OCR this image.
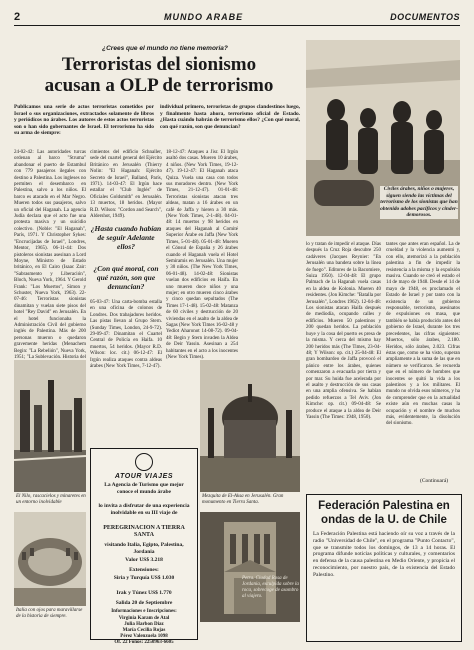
2	MUNDO ARABE	DOCUMENTOS
¿Crees que el mundo no tiene memoria?
Terroristas del sionismo
acusan a OLP de terrorismo
Publicamos una serie de actos terroristas cometidos por Israel o sus organizaciones, extractados solamente de libros y periódicos no árabes. Los autores de estos actos terroristas son o han sido gobernantes de Israel. El terrorismo ha sido su arma de siempre:
individual primero, terroristas de grupos clandestinos luego, y finalmente hasta ahora, terrorismo oficial de Estado. ¿Hasta cuándo habrán de terrorismo ellos? ¿Con qué moral, con qué razón, son que denuncian?
Civiles árabes, niños o mujeres, siguen siendo las víctimas del terrorismo de los sionistas que han obtenido adobes pacíficos y cinder- demorosos.
24-02-42: Las autoridades turcas ordenan al barco "Struma" abandonar el puerto de Estambul con 779 pasajeros ilegales con destino a Palestina. Los ingleses no permiten el desembarco en Palestina, salvo a los niños. El barco es atacado en el Mar Negro. Mueren todos sus pasajeros, salvo un oficial del Haganah. La agencia Judía declara que el acto fue una protesta masiva y un suicidio colectivo. (Noble: "El Haganah", París, 1971. Y Christopher Sykes: "Encrucijadas de Israel", Londres, Mentor, 1965). 06-11-44: Dos pistoleros sionistas asesinan a Lord Moyne, Ministro de Estado británico, en El Cairo (Isaac Zair: "Sabrasmento y Liberación", Bloch, Nueva York, 1964. Y Gerold Frank: "Los Muertos", Simon y Schuster, Nueva York, 1963). 22-07-46: Terroristas sionistas dinamitan y vuelan siete pisos del hotel "Rey David" en Jerusalén. En el hotel funcionaba la Administración Civil del gobierno inglés de Palestina. Más de 200 personas mueron o quedaron gravemente heridas (Menachem Begin: "La Rebelión", Nueva York, 1951; "La Sublevación. Historia del
cimientos del edificio Schnaller, sede del cuartel general del Ejército Británico en Jerusalén (Thierry Nolin: "El Haganah: Ejército Secreto de Israel", Balland, París, 1971). 14-03-47: El Irgún hace estallar el "Club Inglés" de Oficiales Goldsmith" en Jerusalén. 13 muertos, 18 heridos. (Mayor R.D. Wilson: "Cordon and Search", Aldershot, 1949).
¿Hasta cuando habían de seguir Adelante ellos?
¿Con qué moral, con qué razón, son que denuncian?
05-03-47: Una carta-bomba estalla en una oficina de colonos de Londres. Dos trabajadores heridos. Las pistas llevan al Grupo Stern. (Sunday Times, London, 24-9-72). 29-09-47: Dinamitan el Cuartel Central de Policía en Haifa. 10 muertos, 54 heridos. (Mayor R.D. Wilson: loc. cit.) 06-12-47: El Irgún realiza ataques contra aldeas árabes (New York Times, 7-12-47).
18-12-47: Ataques a Jisr. El Irgún asaltó dos casas. Mueren 10 árabes, 4 niños. (New York Times, 19-12-47). 19-12-47: El Haganah ataca Quiza. Vuela una casa con todos sus moradores dentro. (New York Times, 21-12-47). 01-01-48: Terroristas sionistas atacan tres aldeas, matan a 16 árabes en un café de Jaffa y hieren a 30 más. (New York Times, 2-1-48). 04-01-48: 14 muertos y 98 heridos en ataques del Haganah al Comité Superior Árabe en Jaffa (New York Times, 5-01-48). 05-01-48: Mueren el Cónsul de España y 26 árabes cuando el Haganah vuela el Hotel Semiramis en Jerusalén. Una mujer y 30 niños. (The New York Times, 06-01-48). 14-02-48: Sionistas vuelan dos edificios en Haifa. En uno mueren doce niños y una mujer; en otro mueren cinco árabes y cinco quedan sepultados (The Times 17-1-48). 15-02-48: Matanza de 60 civiles y destrucción de 20 viviendas en el asalto de la aldea de Sagas (New York Times 16-02-48 y Yediot Aharonot 14-08-72). 09-04-48: Begin y Stern invaden la Aldea de Deir Yassin. Asesinan a 254 habitantes en el acto a los inocentes (New York Times).
lo y tratan de impedir el ataque. Días después la Cruz Roja descubre 250 cadáveres (Jacques Reynier: "En Jerusalén una bandera sobre la línea de fuego". Editores de la Bacomiere, Suiza 1950). 12-04-48: El grupo Palmach de la Haganah vuela casas en la aldea de Kolonia. Mueren 40 residentes. (Jon Kimche: "Batalla por Jerusalén", Londres 1962). 12-04-48: Los sionistas atacan Haifa después de mediodía, ocupando calles y edificios. Mueren 50 palestinos y 200 quedan heridos. La población huye y la cosa del puerto es presa de la misma. Y cerca del mismo hay 200 heridos más (The Times, 23-04-48; Y Wilson: op. cit.) 25-04-48: El gran bombardeo de Jaffa provocó el pánico entre los árabes, quienes comenzaron a evacuarla por tierra y por mar. Su huida fue acelerada por el asalto y destrucción de sus casas en una amplia ofensiva. Se habían pedido refuerzos a Tel Aviv. (Jon Kimche: op. cit.) 09-04-48: Se produce el ataque a la aldea de Deir Yassin (The Times: 1948, 1950).
tantes que antes eran español. La de crueldad y la violencia aumentó y, con ello, atemorizó a la población palestina a fin de impedir la resistencia a la misma y la expulsión masiva. Cuando se creó el estado el 14 de mayo de 1948. Desde el 14 de mayo de 1948, es proclamado el Estado de Israel y por tanto con la existencia de un gobierno responsable, terrorismo, asesinatos de expulsiones en masa, que también se había producido antes del gobierno de Israel, durante los tres precedentes, las cifras siguientes: Muertos, sólo árabes, 2.180. Heridos, sólo árabes, 2.023. Cifras éstas que, como se ha visto, superan ampliamente a la suma de las que en número se verificaron. Se recuerda que en el número de hombres que inocentes se quitó la vida a los palestinos y a los militares. El mundo no olvida esos números, y ha de comprender que en la actualidad existe aún en muchas casas la ocupación y el nombre de muchos más, evidentemente, la disolución del sionismo.
(Continuará)
El Nilo, rascacielos y minaretes en un entorno inolvidable
Italia con ojos para maravillarse de la historia de siempre.
ATOUR VIAJES
La Agencia de Turismo que mejor conoce el mundo árabe
lo invita a disfrutar de una experiencia inolvidable en su III viaje de
PEREGRINACION A TIERRA SANTA
visitando Italia, Egipto, Palestina, Jordania
Valor US$ 3.218
Extensiones:
Siria y Turquía US$ 1.030
Irak y Túnez US$ 1.770
Salida 20 de Septiembre
Informaciones e Inscripciones:
Virginia Karam de Atal
Julia Harbon Diaz
María Cecilia Rojas
Pérez Valenzuela 1098
Of. 22 Fonos: 2250963-6605
Mezquita de El-Aksa en Jerusalén. Gran monumento en Tierra Santa.
Petra. Ciudad Rosa de Jordania, esculpida sobre la roca, sobrecoge de asombro al viajero.
Federación Palestina en
ondas de la U. de Chile
La Federación Palestina está haciendo oír su voz a través de la radio "Universidad de Chile", en el programa "Punto Contacto", que se transmite todos los domingos, de 13 a 14 horas. El programa difunde noticias políticas y culturales, y comentarios en defensa de la causa palestina en Medio Oriente, y propicia el reconocimiento, por nuestro país, de la existencia del Estado Palestino.
